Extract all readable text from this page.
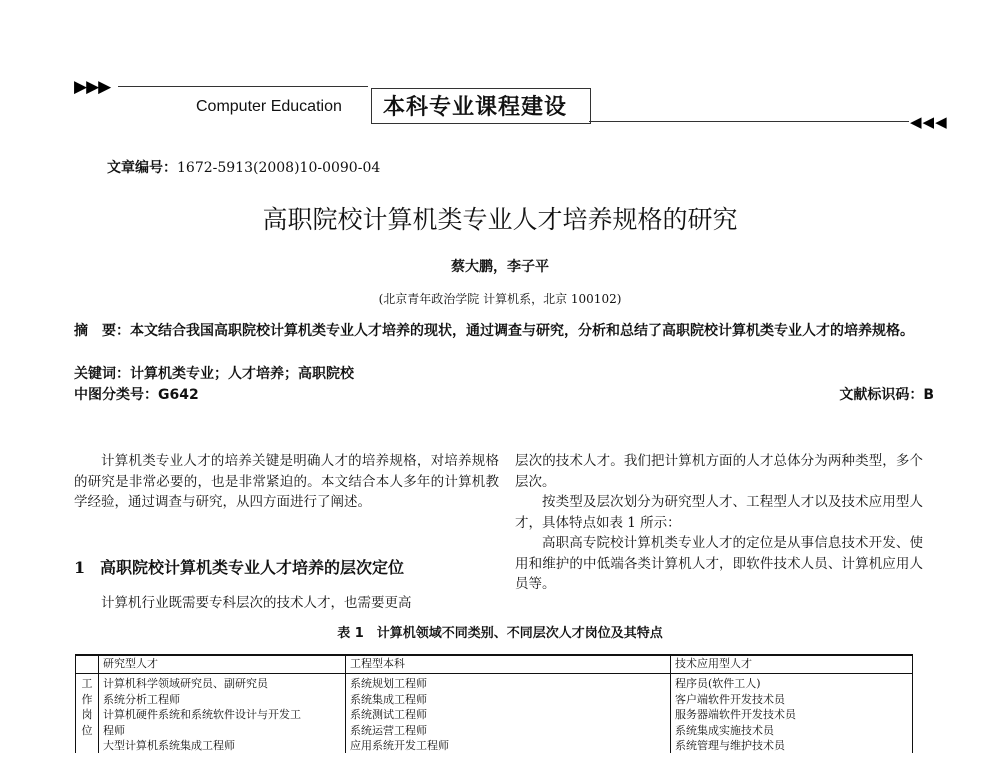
▶▶▶
Computer Education 本科专业课程建设
◀◀◀
文章编号：1672-5913(2008)10-0090-04
高职院校计算机类专业人才培养规格的研究
蔡大鹏，李子平
(北京青年政治学院 计算机系，北京 100102)
摘　要：本文结合我国高职院校计算机类专业人才培养的现状，通过调查与研究，分析和总结了高职院校计算机类专业人才的培养规格。
关键词：计算机类专业；人才培养；高职院校
中图分类号：G642	文献标识码：B

计算机类专业人才的培养关键是明确人才的培养规格，对培养规格的研究是非常必要的，也是非常紧迫的。本文结合本人多年的计算机教学经验，通过调查与研究，从四方面进行了阐述。

1 高职院校计算机类专业人才培养的层次定位

计算机行业既需要专科层次的技术人才，也需要更高

层次的技术人才。我们把计算机方面的人才总体分为两种类型，多个层次。

按类型及层次划分为研究型人才、工程型人才以及技术应用型人才，具体特点如表 1 所示：

高职高专院校计算机类专业人才的定位是从事信息技术开发、使用和维护的中低端各类计算机人才，即软件技术人员、计算机应用人员等。

表 1　计算机领域不同类别、不同层次人才岗位及其特点
	研究型人才	工程型本科	技术应用型人才
工	计算机科学领域研究员、副研究员	系统规划工程师	程序员(软件工人)
作	系统分析工程师	系统集成工程师	客户端软件开发技术员
岗	计算机硬件系统和系统软件设计与开发工	系统测试工程师	服务器端软件开发技术员
位	程师	系统运营工程师	系统集成实施技术员
	大型计算机系统集成工程师	应用系统开发工程师	系统管理与维护技术员
